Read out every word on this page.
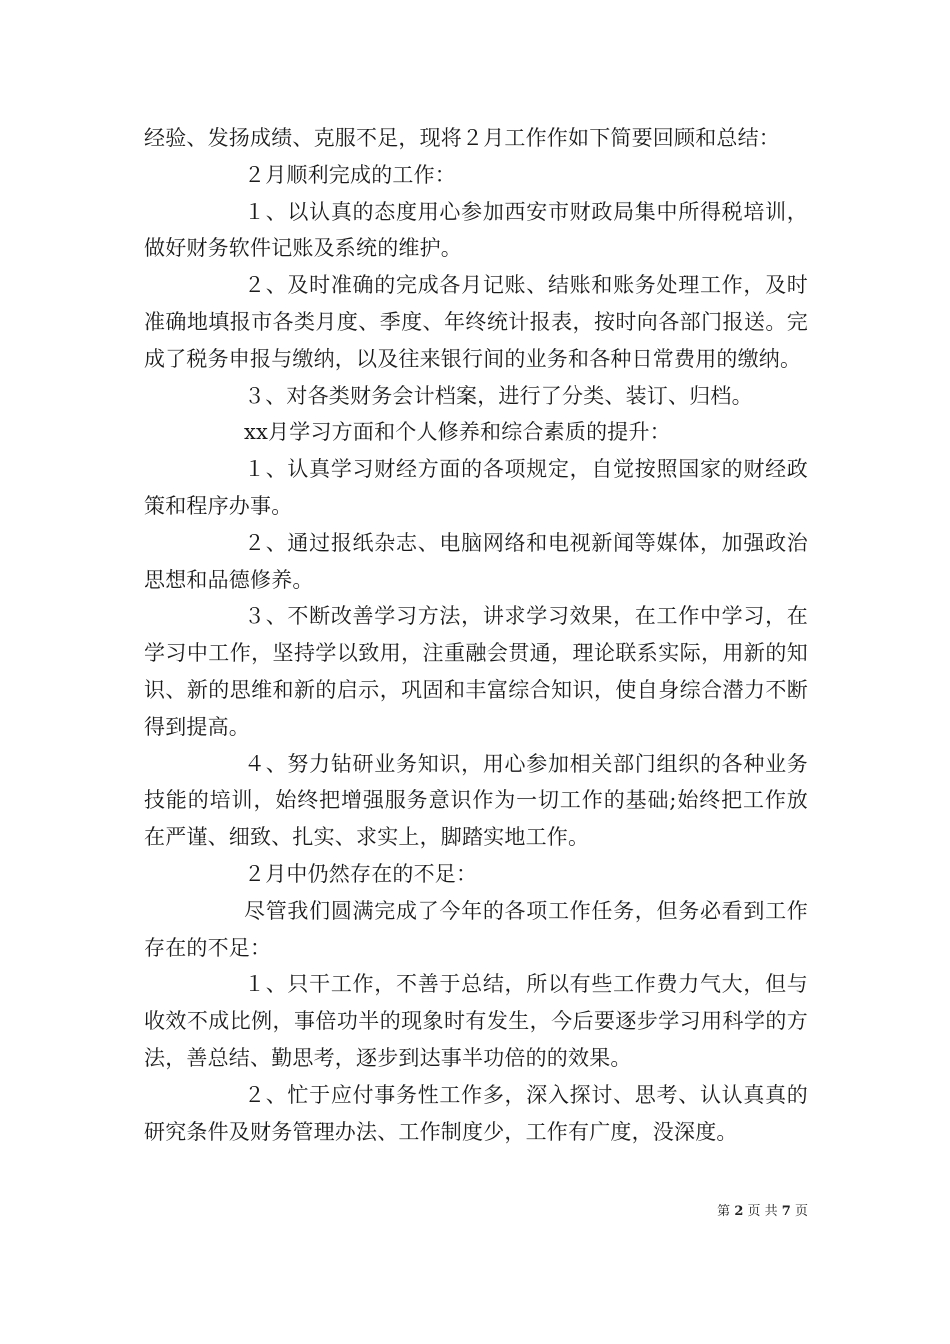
经验、发扬成绩、克服不足，现将２月工作作如下简要回顾和总结：

２月顺利完成的工作：

１、以认真的态度用心参加西安市财政局集中所得税培训，做好财务软件记账及系统的维护。

２、及时准确的完成各月记账、结账和账务处理工作，及时准确地填报市各类月度、季度、年终统计报表，按时向各部门报送。完成了税务申报与缴纳，以及往来银行间的业务和各种日常费用的缴纳。

３、对各类财务会计档案，进行了分类、装订、归档。

xx月学习方面和个人修养和综合素质的提升：

１、认真学习财经方面的各项规定，自觉按照国家的财经政策和程序办事。

２、通过报纸杂志、电脑网络和电视新闻等媒体，加强政治思想和品德修养。

３、不断改善学习方法，讲求学习效果，在工作中学习，在学习中工作，坚持学以致用，注重融会贯通，理论联系实际，用新的知识、新的思维和新的启示，巩固和丰富综合知识，使自身综合潜力不断得到提高。

４、努力钻研业务知识，用心参加相关部门组织的各种业务技能的培训，始终把增强服务意识作为一切工作的基础;始终把工作放在严谨、细致、扎实、求实上，脚踏实地工作。

２月中仍然存在的不足：

尽管我们圆满完成了今年的各项工作任务，但务必看到工作存在的不足：

１、只干工作，不善于总结，所以有些工作费力气大，但与收效不成比例，事倍功半的现象时有发生，今后要逐步学习用科学的方法，善总结、勤思考，逐步到达事半功倍的的效果。

２、忙于应付事务性工作多，深入探讨、思考、认认真真的研究条件及财务管理办法、工作制度少，工作有广度，没深度。

第 2 页 共 7 页
